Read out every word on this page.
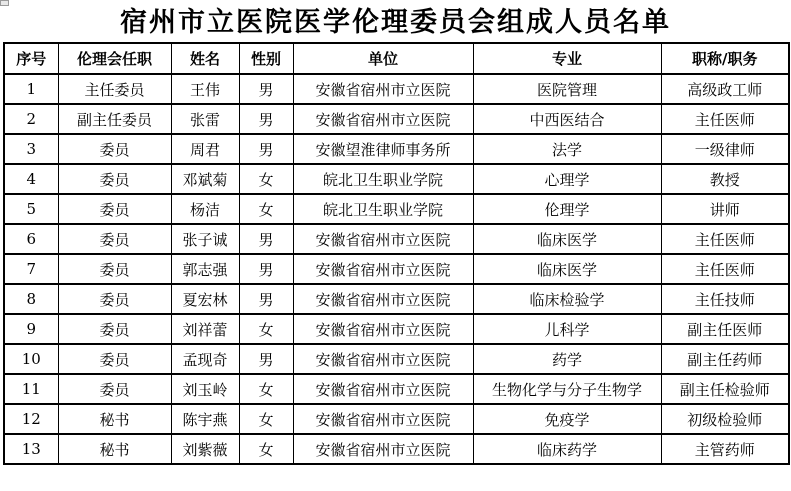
宿州市立医院医学伦理委员会组成人员名单
序号	伦理会任职	姓名	性别	单位	专业	职称/职务
1	主任委员	王伟	男	安徽省宿州市立医院	医院管理	高级政工师
2	副主任委员	张雷	男	安徽省宿州市立医院	中西医结合	主任医师
3	委员	周君	男	安徽望淮律师事务所	法学	一级律师
4	委员	邓斌菊	女	皖北卫生职业学院	心理学	教授
5	委员	杨洁	女	皖北卫生职业学院	伦理学	讲师
6	委员	张子诚	男	安徽省宿州市立医院	临床医学	主任医师
7	委员	郭志强	男	安徽省宿州市立医院	临床医学	主任医师
8	委员	夏宏林	男	安徽省宿州市立医院	临床检验学	主任技师
9	委员	刘祥蕾	女	安徽省宿州市立医院	儿科学	副主任医师
10	委员	孟现奇	男	安徽省宿州市立医院	药学	副主任药师
11	委员	刘玉岭	女	安徽省宿州市立医院	生物化学与分子生物学	副主任检验师
12	秘书	陈宇燕	女	安徽省宿州市立医院	免疫学	初级检验师
13	秘书	刘紫薇	女	安徽省宿州市立医院	临床药学	主管药师
